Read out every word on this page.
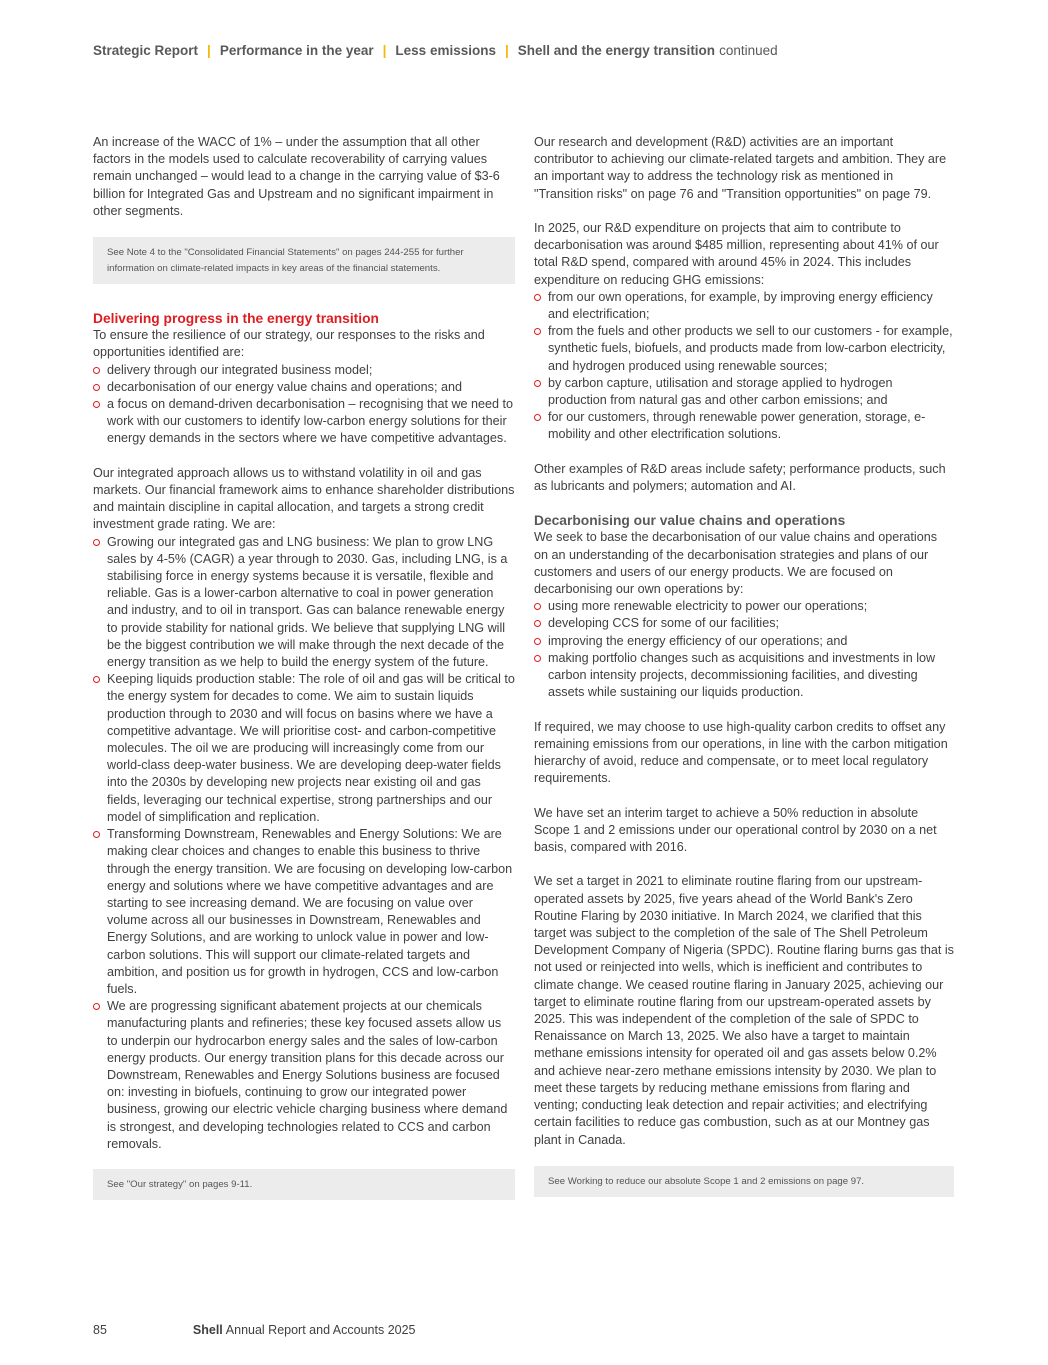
Strategic Report | Performance in the year | Less emissions | Shell and the energy transition continued

An increase of the WACC of 1% – under the assumption that all other factors in the models used to calculate recoverability of carrying values remain unchanged – would lead to a change in the carrying value of $3-6 billion for Integrated Gas and Upstream and no significant impairment in other segments.

See Note 4 to the "Consolidated Financial Statements" on pages 244-255 for further information on climate-related impacts in key areas of the financial statements.
Delivering progress in the energy transition

To ensure the resilience of our strategy, our responses to the risks and opportunities identified are:

delivery through our integrated business model;
decarbonisation of our energy value chains and operations; and
a focus on demand-driven decarbonisation – recognising that we need to work with our customers to identify low-carbon energy solutions for their energy demands in the sectors where we have competitive advantages.

Our integrated approach allows us to withstand volatility in oil and gas markets. Our financial framework aims to enhance shareholder distributions and maintain discipline in capital allocation, and targets a strong credit investment grade rating. We are:

Growing our integrated gas and LNG business: We plan to grow LNG sales by 4-5% (CAGR) a year through to 2030. Gas, including LNG, is a stabilising force in energy systems because it is versatile, flexible and reliable. Gas is a lower-carbon alternative to coal in power generation and industry, and to oil in transport. Gas can balance renewable energy to provide stability for national grids. We believe that supplying LNG will be the biggest contribution we will make through the next decade of the energy transition as we help to build the energy system of the future.
Keeping liquids production stable: The role of oil and gas will be critical to the energy system for decades to come. We aim to sustain liquids production through to 2030 and will focus on basins where we have a competitive advantage. We will prioritise cost- and carbon-competitive molecules. The oil we are producing will increasingly come from our world-class deep-water business. We are developing deep-water fields into the 2030s by developing new projects near existing oil and gas fields, leveraging our technical expertise, strong partnerships and our model of simplification and replication.
Transforming Downstream, Renewables and Energy Solutions: We are making clear choices and changes to enable this business to thrive through the energy transition. We are focusing on developing low-carbon energy and solutions where we have competitive advantages and are starting to see increasing demand. We are focusing on value over volume across all our businesses in Downstream, Renewables and Energy Solutions, and are working to unlock value in power and low-carbon solutions. This will support our climate-related targets and ambition, and position us for growth in hydrogen, CCS and low-carbon fuels.
We are progressing significant abatement projects at our chemicals manufacturing plants and refineries; these key focused assets allow us to underpin our hydrocarbon energy sales and the sales of low-carbon energy products. Our energy transition plans for this decade across our Downstream, Renewables and Energy Solutions business are focused on: investing in biofuels, continuing to grow our integrated power business, growing our electric vehicle charging business where demand is strongest, and developing technologies related to CCS and carbon removals.
See "Our strategy" on pages 9-11.

Our research and development (R&D) activities are an important contributor to achieving our climate-related targets and ambition. They are an important way to address the technology risk as mentioned in "Transition risks" on page 76 and "Transition opportunities" on page 79.

In 2025, our R&D expenditure on projects that aim to contribute to decarbonisation was around $485 million, representing about 41% of our total R&D spend, compared with around 45% in 2024. This includes expenditure on reducing GHG emissions:

from our own operations, for example, by improving energy efficiency and electrification;
from the fuels and other products we sell to our customers - for example, synthetic fuels, biofuels, and products made from low-carbon electricity, and hydrogen produced using renewable sources;
by carbon capture, utilisation and storage applied to hydrogen production from natural gas and other carbon emissions; and
for our customers, through renewable power generation, storage, e-mobility and other electrification solutions.

Other examples of R&D areas include safety; performance products, such as lubricants and polymers; automation and AI.

Decarbonising our value chains and operations

We seek to base the decarbonisation of our value chains and operations on an understanding of the decarbonisation strategies and plans of our customers and users of our energy products. We are focused on decarbonising our own operations by:

using more renewable electricity to power our operations;
developing CCS for some of our facilities;
improving the energy efficiency of our operations; and
making portfolio changes such as acquisitions and investments in low carbon intensity projects, decommissioning facilities, and divesting assets while sustaining our liquids production.

If required, we may choose to use high-quality carbon credits to offset any remaining emissions from our operations, in line with the carbon mitigation hierarchy of avoid, reduce and compensate, or to meet local regulatory requirements.

We have set an interim target to achieve a 50% reduction in absolute Scope 1 and 2 emissions under our operational control by 2030 on a net basis, compared with 2016.

We set a target in 2021 to eliminate routine flaring from our upstream-operated assets by 2025, five years ahead of the World Bank's Zero Routine Flaring by 2030 initiative. In March 2024, we clarified that this target was subject to the completion of the sale of The Shell Petroleum Development Company of Nigeria (SPDC). Routine flaring burns gas that is not used or reinjected into wells, which is inefficient and contributes to climate change. We ceased routine flaring in January 2025, achieving our target to eliminate routine flaring from our upstream-operated assets by 2025. This was independent of the completion of the sale of SPDC to Renaissance on March 13, 2025. We also have a target to maintain methane emissions intensity for operated oil and gas assets below 0.2% and achieve near-zero methane emissions intensity by 2030. We plan to meet these targets by reducing methane emissions from flaring and venting; conducting leak detection and repair activities; and electrifying certain facilities to reduce gas combustion, such as at our Montney gas plant in Canada.

See Working to reduce our absolute Scope 1 and 2 emissions on page 97.
85	Shell Annual Report and Accounts 2025
